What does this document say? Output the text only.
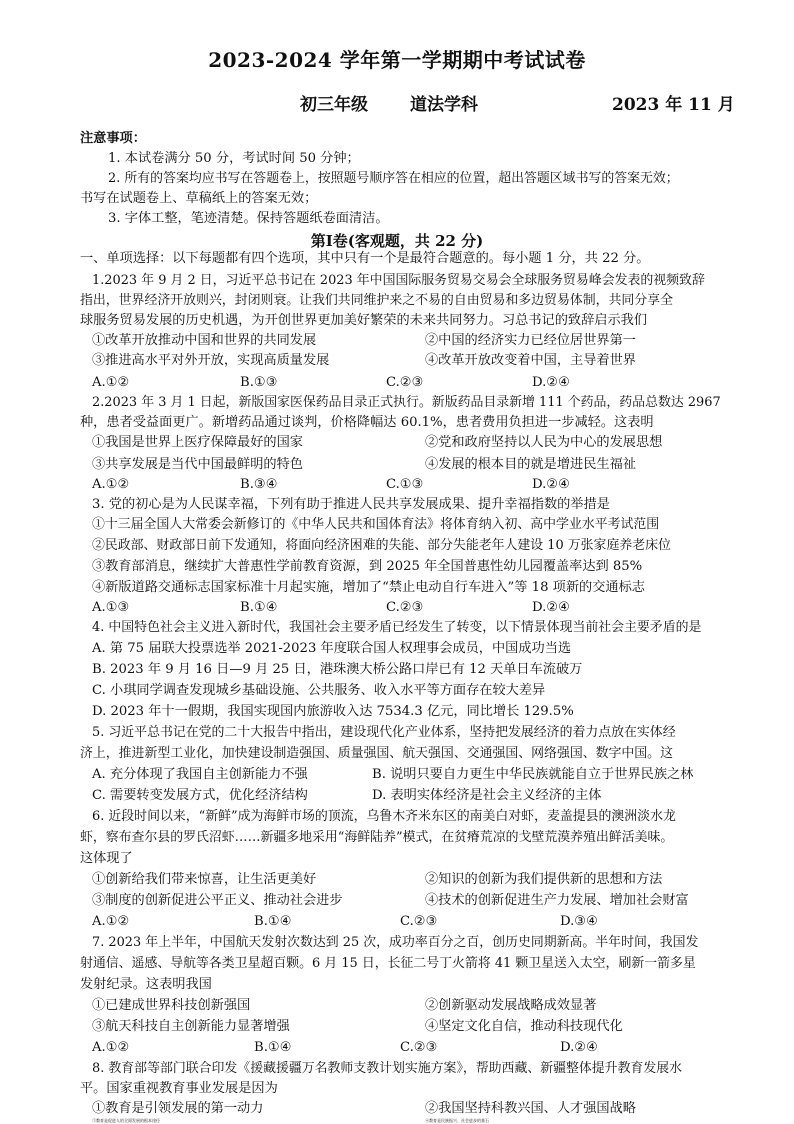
2023-2024 学年第一学期期中考试试卷
初三年级 道法学科	2023 年 11 月
注意事项：
1. 本试卷满分 50 分，考试时间 50 分钟；
2. 所有的答案均应书写在答题卷上，按照题号顺序答在相应的位置，超出答题区域书写的答案无效；
书写在试题卷上、草稿纸上的答案无效；
3. 字体工整，笔迹清楚。保持答题纸卷面清洁。
第Ⅰ卷(客观题，共 22 分)
一、单项选择：以下每题都有四个选项，其中只有一个是最符合题意的。每小题 1 分，共 22 分。
1.2023 年 9 月 2 日，习近平总书记在 2023 年中国国际服务贸易交易会全球服务贸易峰会发表的视频致辞
指出，世界经济开放则兴，封闭则衰。让我们共同维护来之不易的自由贸易和多边贸易体制，共同分享全
球服务贸易发展的历史机遇，为开创世界更加美好繁荣的未来共同努力。习总书记的致辞启示我们
①改革开放推动中国和世界的共同发展	②中国的经济实力已经位居世界第一
③推进高水平对外开放，实现高质量发展	④改革开放改变着中国，主导着世界
A.①②	B.①③	C.②③	D.②④
2.2023 年 3 月 1 日起，新版国家医保药品目录正式执行。新版药品目录新增 111 个药品，药品总数达 2967
种，患者受益面更广。新增药品通过谈判，价格降幅达 60.1%，患者费用负担进一步减轻。这表明
①我国是世界上医疗保障最好的国家	②党和政府坚持以人民为中心的发展思想
③共享发展是当代中国最鲜明的特色	④发展的根本目的就是增进民生福祉
A.①②	B.③④	C.①③	D.②④
3. 党的初心是为人民谋幸福，下列有助于推进人民共享发展成果、提升幸福指数的举措是
①十三届全国人大常委会新修订的《中华人民共和国体育法》将体育纳入初、高中学业水平考试范围
②民政部、财政部日前下发通知，将面向经济困难的失能、部分失能老年人建设 10 万张家庭养老床位
③教育部消息，继续扩大普惠性学前教育资源，到 2025 年全国普惠性幼儿园覆盖率达到 85%
④新版道路交通标志国家标准十月起实施，增加了“禁止电动自行车进入”等 18 项新的交通标志
A.①③	B.①④	C.②③	D.②④
4. 中国特色社会主义进入新时代，我国社会主要矛盾已经发生了转变，以下情景体现当前社会主要矛盾的是
A. 第 75 届联大投票选举 2021-2023 年度联合国人权理事会成员，中国成功当选
B. 2023 年 9 月 16 日—9 月 25 日，港珠澳大桥公路口岸已有 12 天单日车流破万
C. 小琪同学调查发现城乡基础设施、公共服务、收入水平等方面存在较大差异
D. 2023 年十一假期，我国实现国内旅游收入达 7534.3 亿元，同比增长 129.5%
5. 习近平总书记在党的二十大报告中指出，建设现代化产业体系，坚持把发展经济的着力点放在实体经
济上，推进新型工业化，加快建设制造强国、质量强国、航天强国、交通强国、网络强国、数字中国。这
A. 充分体现了我国自主创新能力不强	B. 说明只要自力更生中华民族就能自立于世界民族之林
C. 需要转变发展方式，优化经济结构	D. 表明实体经济是社会主义经济的主体
6. 近段时间以来，“新鲜”成为海鲜市场的顶流，乌鲁木齐米东区的南美白对虾，麦盖提县的澳洲淡水龙
虾，察布查尔县的罗氏沼虾……新疆多地采用“海鲜陆养”模式，在贫瘠荒凉的戈壁荒漠养殖出鲜活美味。
这体现了
①创新给我们带来惊喜，让生活更美好	②知识的创新为我们提供新的思想和方法
③制度的创新促进公平正义、推动社会进步	④技术的创新促进生产力发展、增加社会财富
A.①②	B.①④	C.②③	D.③④
7. 2023 年上半年，中国航天发射次数达到 25 次，成功率百分之百，创历史同期新高。半年时间，我国发
射通信、遥感、导航等各类卫星超百颗。6 月 15 日，长征二号丁火箭将 41 颗卫星送入太空，刷新一箭多星
发射纪录。这表明我国
①已建成世界科技创新强国	②创新驱动发展战略成效显著
③航天科技自主创新能力显著增强	④坚定文化自信，推动科技现代化
A.①②	B.①④	C.②③	D.②④
8. 教育部等部门联合印发《援藏援疆万名教师支教计划实施方案》，帮助西藏、新疆整体提升教育发展水
平。国家重视教育事业发展是因为
①教育是引领发展的第一动力	②我国坚持科教兴国、人才强国战略
③教育是促进人的全面发展的根本途径	④教育是民族振兴、社会进步的基石
